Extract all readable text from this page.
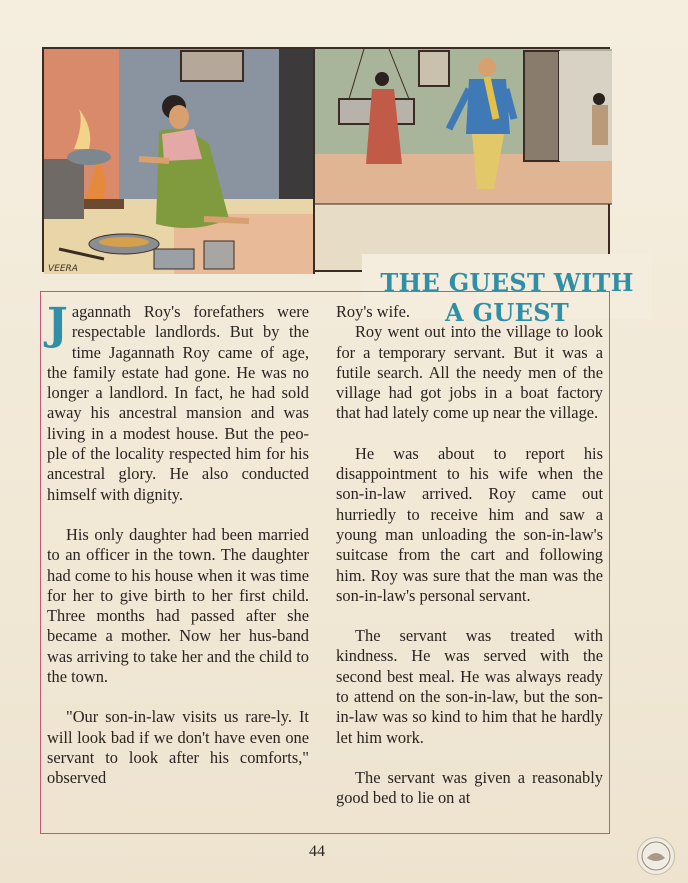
VEERA	THE GUEST WITH
A GUEST

Jagannath Roy's forefathers were respectable landlords. But by the time Jagannath Roy came of age, the family estate had gone. He was no longer a landlord. In fact, he had sold away his ancestral mansion and was living in a modest house. But the peo-ple of the locality respected him for his ancestral glory. He also conducted himself with dignity.

His only daughter had been married to an officer in the town. The daughter had come to his house when it was time for her to give birth to her first child. Three months had passed after she became a mother. Now her hus-band was arriving to take her and the child to the town.

"Our son-in-law visits us rare-ly. It will look bad if we don't have even one servant to look after his comforts," observed

Roy's wife.

Roy went out into the village to look for a temporary servant. But it was a futile search. All the needy men of the village had got jobs in a boat factory that had lately come up near the village.

He was about to report his disappointment to his wife when the son-in-law arrived. Roy came out hurriedly to receive him and saw a young man unloading the son-in-law's suitcase from the cart and following him. Roy was sure that the man was the son-in-law's personal servant.

The servant was treated with kindness. He was served with the second best meal. He was always ready to attend on the son-in-law, but the son-in-law was so kind to him that he hardly let him work.

The servant was given a reasonably good bed to lie on at

44
